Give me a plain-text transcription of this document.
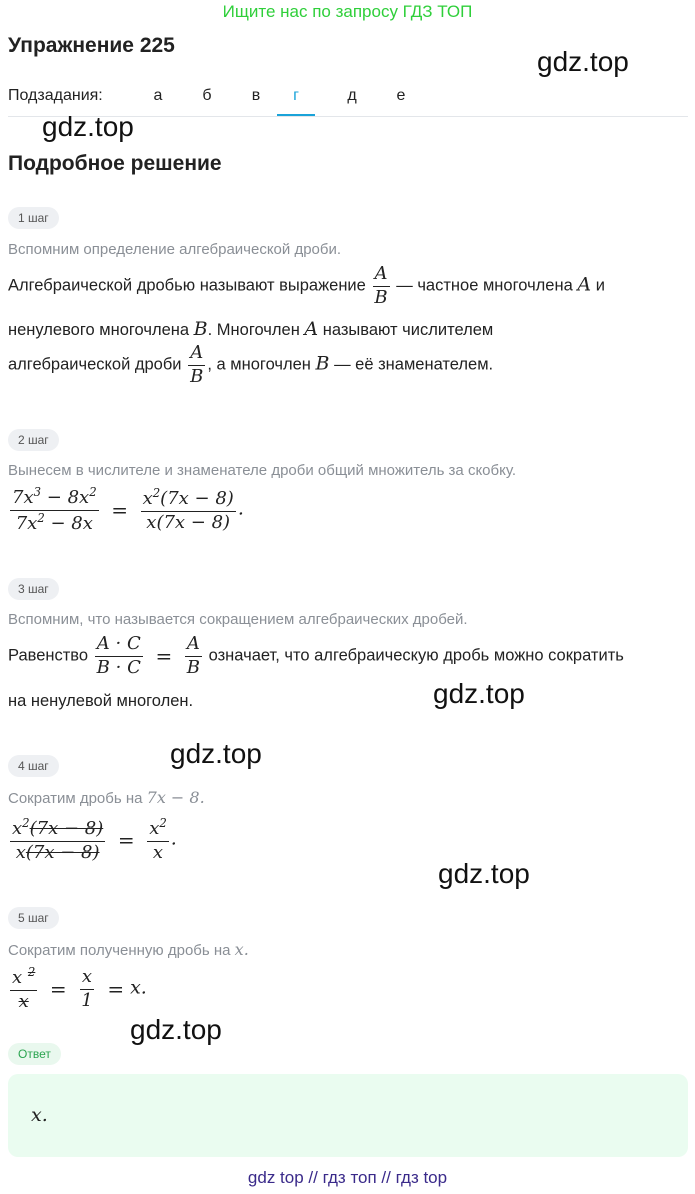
Ищите нас по запросу ГДЗ ТОП
Упражнение 225
gdz.top
Подзадания:	а	б	в	г	д	е
gdz.top
Подробное решение
1 шаг
Вспомним определение алгебраической дроби.
Алгебраической дробью называют выражение $\frac{A}{B}$ — частное многочлена A и
ненулевого многочлена B. Многочлен A называют числителем
алгебраической дроби $\frac{A}{B}$ , а многочлен B — её знаменателем.
2 шаг
Вынесем в числителе и знаменателе дроби общий множитель за скобку.
$\frac{7x^3 - 8x^2}{7x^2 - 8x} = \frac{x^2(7x - 8)}{x(7x - 8)}$ .
3 шаг
Вспомним, что называется сокращением алгебраических дробей.
Равенство $\frac{A \cdot C}{B \cdot C} = \frac{A}{B}$ означает, что алгебраическую дробь можно сократить
на ненулевой многолен.	gdz.top
gdz.top
4 шаг
Сократим дробь на 7x − 8.
$\frac{x^2(7x - 8)}{x(7x - 8)} = \frac{x^2}{x}$ .
gdz.top
5 шаг
Сократим полученную дробь на x.
$\frac{x ^2}{x} = \frac{x}{1} = x$.
gdz.top
Ответ
x.
gdz top // гдз топ // гдз top
